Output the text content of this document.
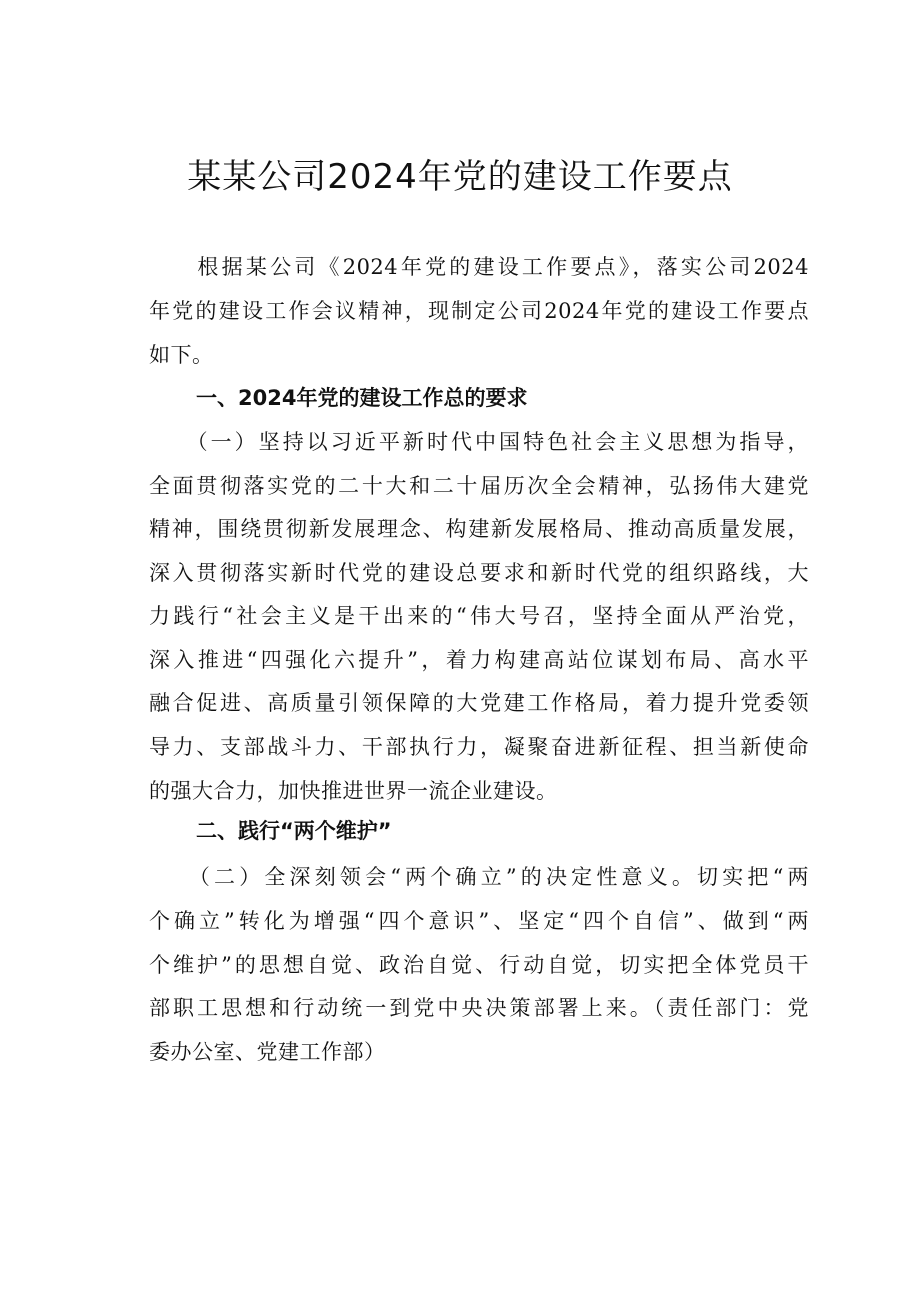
某某公司2024年党的建设工作要点
　　根据某公司《2024年党的建设工作要点》，落实公司2024
年党的建设工作会议精神，现制定公司2024年党的建设工作要点
如下。
一、2024年党的建设工作总的要求
　　（一）坚持以习近平新时代中国特色社会主义思想为指导，
全面贯彻落实党的二十大和二十届历次全会精神，弘扬伟大建党
精神，围绕贯彻新发展理念、构建新发展格局、推动高质量发展，
深入贯彻落实新时代党的建设总要求和新时代党的组织路线，大
力践行“社会主义是干出来的“伟大号召，坚持全面从严治党，
深入推进“四强化六提升”，着力构建高站位谋划布局、高水平
融合促进、高质量引领保障的大党建工作格局，着力提升党委领
导力、支部战斗力、干部执行力，凝聚奋进新征程、担当新使命
的强大合力，加快推进世界一流企业建设。
二、践行“两个维护”
　　（二）全深刻领会“两个确立”的决定性意义。切实把“两
个确立”转化为增强“四个意识”、坚定“四个自信”、做到“两
个维护”的思想自觉、政治自觉、行动自觉，切实把全体党员干
部职工思想和行动统一到党中央决策部署上来。（责任部门：党
委办公室、党建工作部）
